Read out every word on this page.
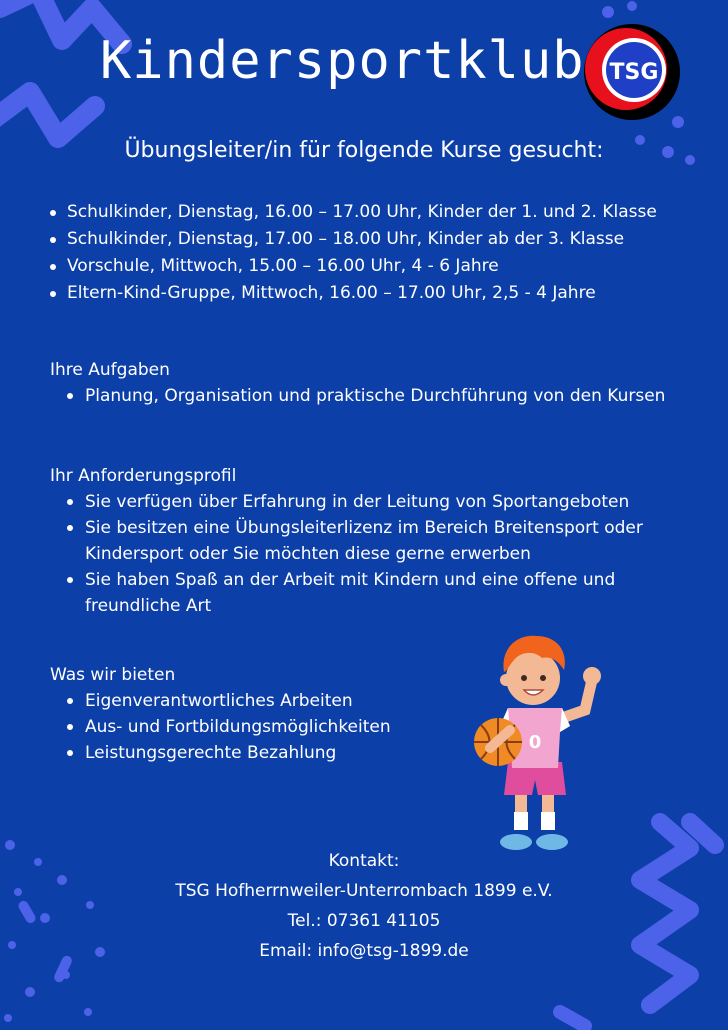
Kindersportklub TSG
Übungsleiter/in für folgende Kurse gesucht:
Schulkinder, Dienstag, 16.00 – 17.00 Uhr, Kinder der 1. und 2. Klasse
Schulkinder, Dienstag, 17.00 – 18.00 Uhr, Kinder ab der 3. Klasse
Vorschule, Mittwoch, 15.00 – 16.00 Uhr, 4 - 6 Jahre
Eltern-Kind-Gruppe, Mittwoch, 16.00 – 17.00 Uhr, 2,5 - 4 Jahre
Ihre Aufgaben
Planung, Organisation und praktische Durchführung von den Kursen
Ihr Anforderungsprofil
Sie verfügen über Erfahrung in der Leitung von Sportangeboten
Sie besitzen eine Übungsleiterlizenz im Bereich Breitensport oder Kindersport oder Sie möchten diese gerne erwerben
Sie haben Spaß an der Arbeit mit Kindern und eine offene und freundliche Art
Was wir bieten
Eigenverantwortliches Arbeiten
Aus- und Fortbildungsmöglichkeiten
Leistungsgerechte Bezahlung	0
Kontakt:
TSG Hofherrnweiler-Unterrombach 1899 e.V.
Tel.: 07361 41105
Email: info@tsg-1899.de
